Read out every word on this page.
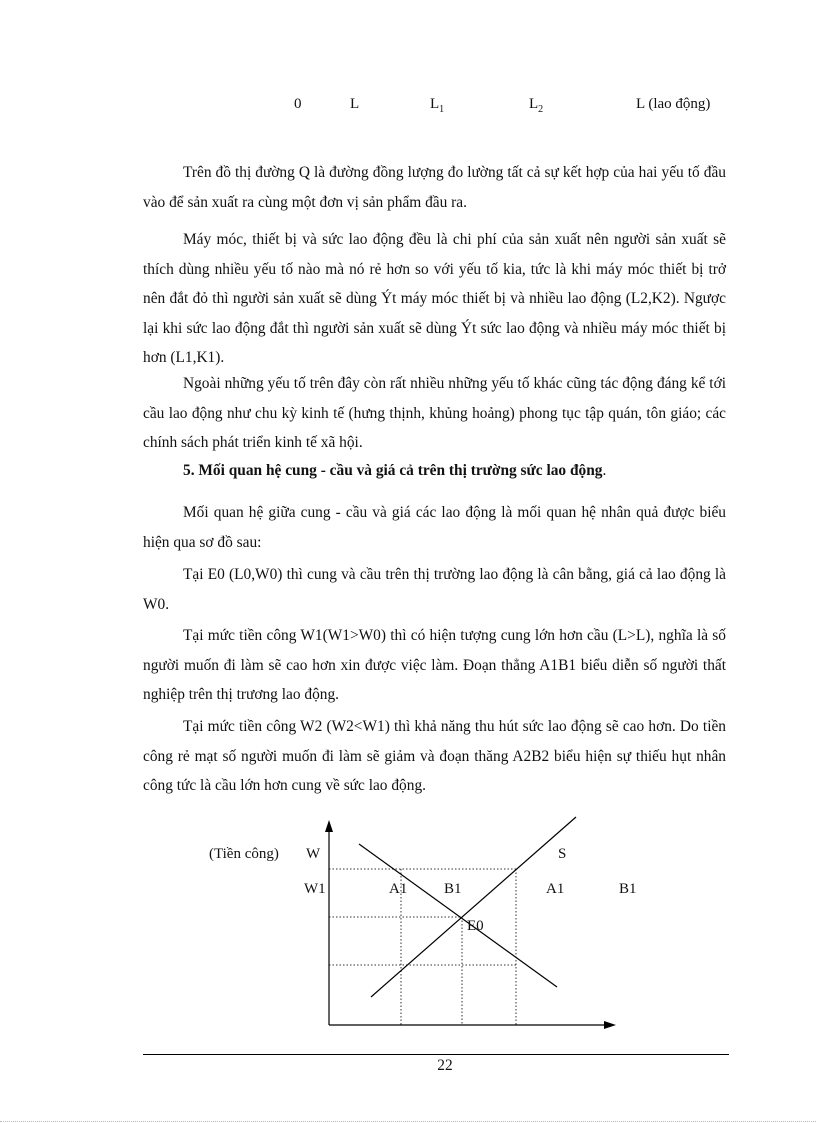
0	L	$L_1$	$L_2$	L (lao động)

Trên đồ thị đường Q là đường đồng lượng đo lường tất cả sự kết hợp của hai yếu tố đầu vào để sản xuất ra cùng một đơn vị sản phẩm đầu ra.

Máy móc, thiết bị và sức lao động đều là chi phí của sản xuất nên người sản xuất sẽ thích dùng nhiều yếu tố nào mà nó rẻ hơn so với yếu tố kia, tức là khi máy móc thiết bị trở nên đắt đỏ thì người sản xuất sẽ dùng Ýt máy móc thiết bị và nhiều lao động (L2,K2). Ngược lại khi sức lao động đắt thì người sản xuất sẽ dùng Ýt sức lao động và nhiều máy móc thiết bị hơn (L1,K1).

Ngoài những yếu tố trên đây còn rất nhiều những yếu tố khác cũng tác động đáng kể tới cầu lao động như chu kỳ kinh tế (hưng thịnh, khủng hoảng) phong tục tập quán, tôn giáo; các chính sách phát triển kinh tế xã hội.

5. Mối quan hệ cung - cầu và giá cả trên thị trường sức lao động.

Mối quan hệ giữa cung - cầu và giá các lao động là mối quan hệ nhân quả được biểu hiện qua sơ đồ sau:

Tại E0 (L0,W0) thì cung và cầu trên thị trường lao động là cân bằng, giá cả lao động là W0.

Tại mức tiền công W1(W1>W0) thì có hiện tượng cung lớn hơn cầu (L>L), nghĩa là số người muốn đi làm sẽ cao hơn xin được việc làm. Đoạn thẳng A1B1 biểu diễn số người thất nghiệp trên thị trương lao động.

Tại mức tiền công W2 (W2<W1) thì khả năng thu hút sức lao động sẽ cao hơn. Do tiền công rẻ mạt số người muốn đi làm sẽ giảm và đoạn thăng A2B2 biểu hiện sự thiếu hụt nhân công tức là cầu lớn hơn cung về sức lao động.

(Tiền công) W	S
W1	A1 B1	A1	B1
E0
22
